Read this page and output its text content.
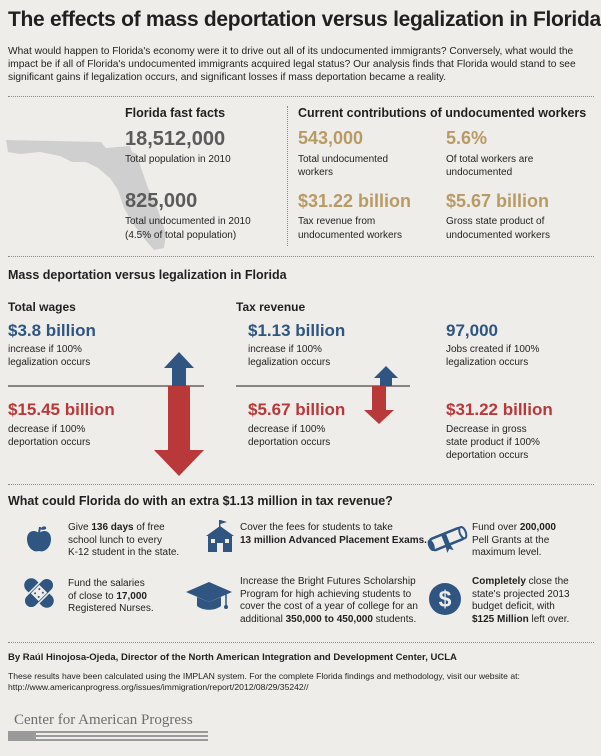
The effects of mass deportation versus legalization in Florida
What would happen to Florida's economy were it to drive out all of its undocumented immigrants? Conversely, what would the impact be if all of Florida's undocumented immigrants acquired legal status? Our analysis finds that Florida would stand to see significant gains if legalization occurs, and significant losses if mass deportation became a reality.
Florida fast facts
18,512,000
Total population in 2010
825,000
Total undocumented in 2010
(4.5% of total population)
Current contributions of undocumented workers
543,000
Total undocumented
workers
5.6%
Of total workers are
undocumented
$31.22 billion
Tax revenue from
undocumented workers
$5.67 billion
Gross state product of
undocumented workers
Mass deportation versus legalization in Florida
Total wages
$3.8 billion
increase if 100%
legalization occurs
$15.45 billion
decrease if 100%
deportation occurs
Tax revenue
$1.13 billion
increase if 100%
legalization occurs
$5.67 billion
decrease if 100%
deportation occurs
97,000
Jobs created if 100%
legalization occurs
$31.22 billion
Decrease in gross
state product if 100%
deportation occurs
What could Florida do with an extra $1.13 million in tax revenue?
Give 136 days of free
school lunch to every
K-12 student in the state.
Cover the fees for students to take
13 million Advanced Placement Exams.
Fund over 200,000
Pell Grants at the
maximum level.
Fund the salaries
of close to 17,000
Registered Nurses.
Increase the Bright Futures Scholarship
Program for high achieving students to
cover the cost of a year of college for an
additional 350,000 to 450,000 students.
$
Completely close the
state's projected 2013
budget deficit, with
$125 Million left over.
By Raúl Hinojosa-Ojeda, Director of the North American Integration and Development Center, UCLA
These results have been calculated using the IMPLAN system. For the complete Florida findings and methodology, visit our website at:
http://www.americanprogress.org/issues/immigration/report/2012/08/29/35242//
Center for American Progress
